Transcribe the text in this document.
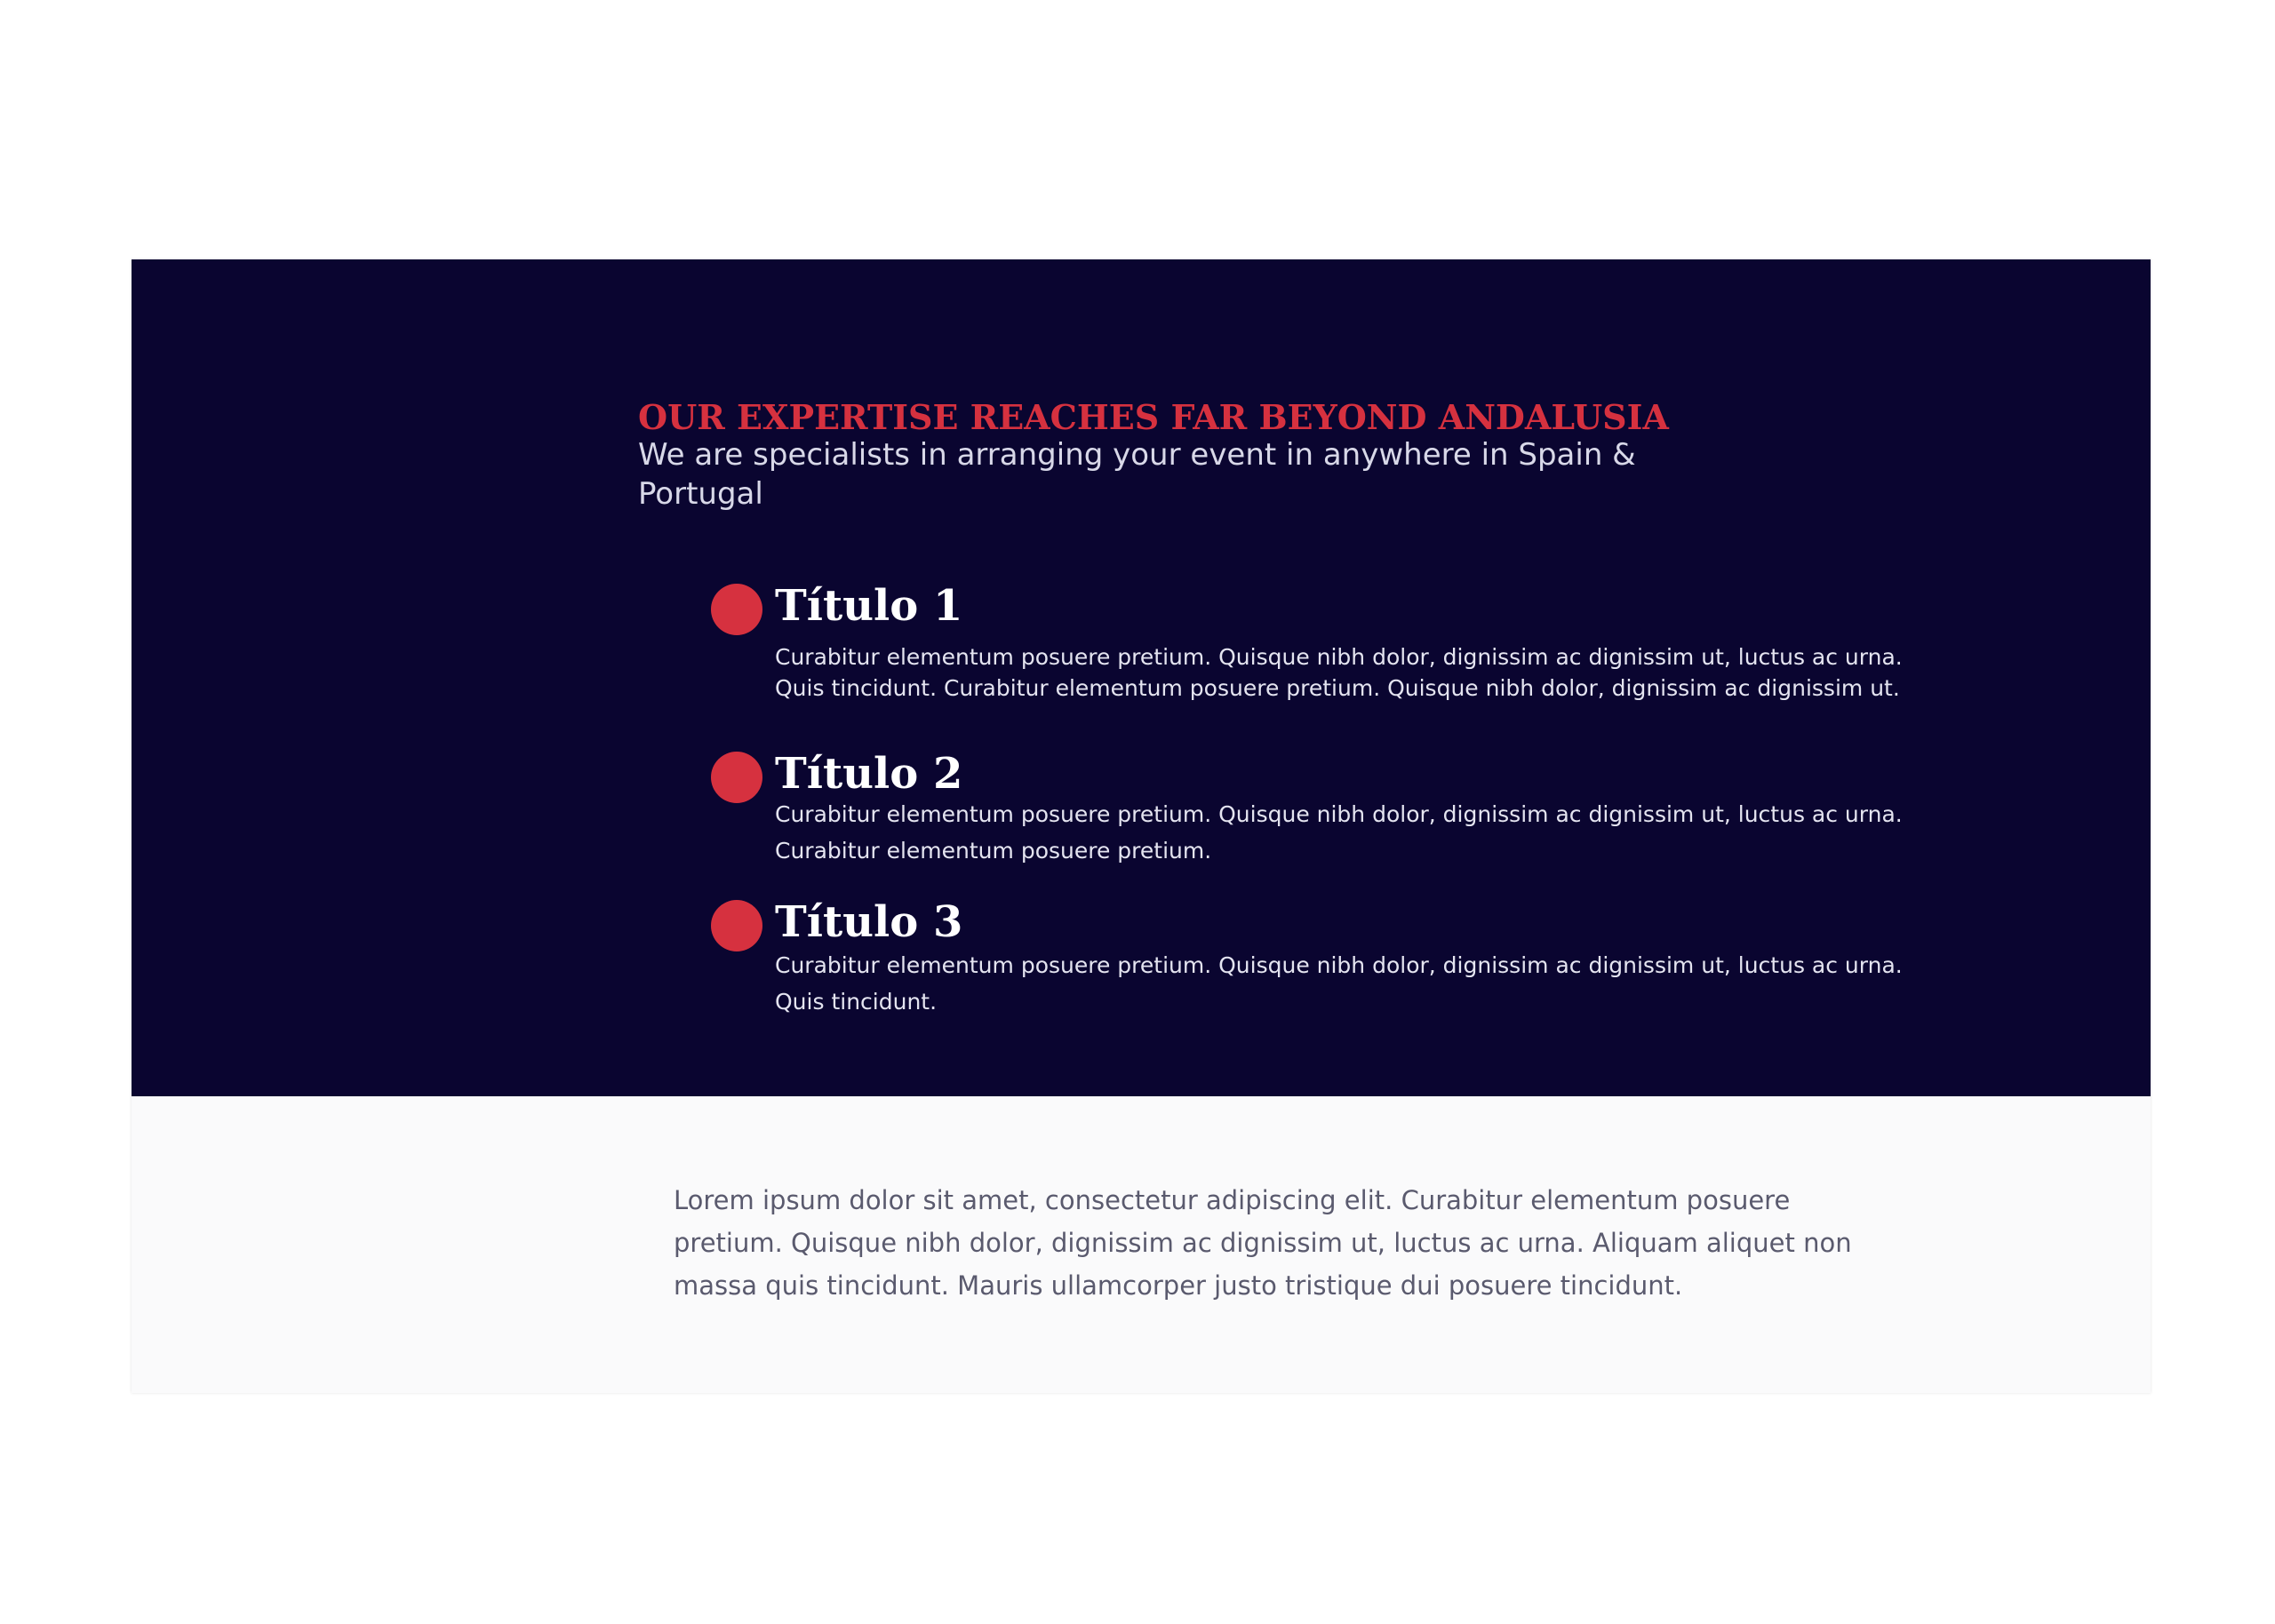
OUR EXPERTISE REACHES FAR BEYOND ANDALUSIA

We are specialists in arranging your event in anywhere in Spain & Portugal

Título 1

Curabitur elementum posuere pretium. Quisque nibh dolor, dignissim ac dignissim ut, luctus ac urna. Quis tincidunt. Curabitur elementum posuere pretium. Quisque nibh dolor, dignissim ac dignissim ut.

Título 2

Curabitur elementum posuere pretium. Quisque nibh dolor, dignissim ac dignissim ut, luctus ac urna. Curabitur elementum posuere pretium.

Título 3

Curabitur elementum posuere pretium. Quisque nibh dolor, dignissim ac dignissim ut, luctus ac urna. Quis tincidunt.

Lorem ipsum dolor sit amet, consectetur adipiscing elit. Curabitur elementum posuere pretium. Quisque nibh dolor, dignissim ac dignissim ut, luctus ac urna. Aliquam aliquet non massa quis tincidunt. Mauris ullamcorper justo tristique dui posuere tincidunt.
